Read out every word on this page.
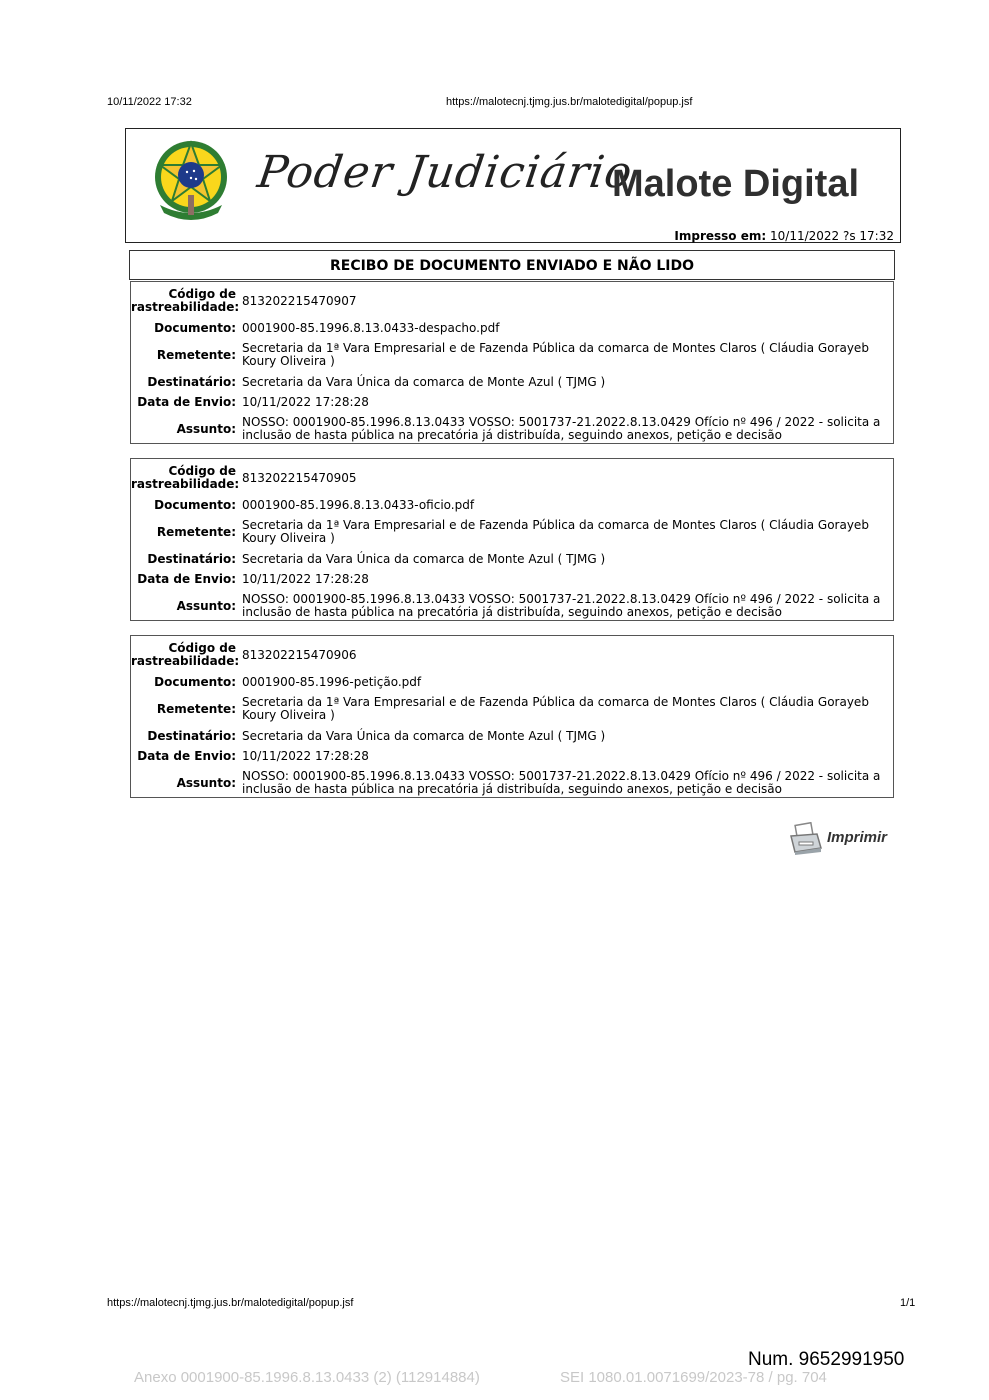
10/11/2022 17:32	https://malotecnj.tjmg.jus.br/malotedigital/popup.jsf
Poder Judiciário
Malote Digital
Impresso em: 10/11/2022 ?s 17:32
RECIBO DE DOCUMENTO ENVIADO E NÃO LIDO
Código de
rastreabilidade: 813202215470907
Documento: 0001900-85.1996.8.13.0433-despacho.pdf
Remetente: Secretaria da 1ª Vara Empresarial e de Fazenda Pública da comarca de Montes Claros ( Cláudia Gorayeb Koury Oliveira )
Destinatário: Secretaria da Vara Única da comarca de Monte Azul ( TJMG )
Data de Envio: 10/11/2022 17:28:28
Assunto: NOSSO: 0001900-85.1996.8.13.0433 VOSSO: 5001737-21.2022.8.13.0429 Ofício nº 496 / 2022 - solicita a inclusão de hasta pública na precatória já distribuída, seguindo anexos, petição e decisão
Código de
rastreabilidade: 813202215470905
Documento: 0001900-85.1996.8.13.0433-oficio.pdf
Remetente: Secretaria da 1ª Vara Empresarial e de Fazenda Pública da comarca de Montes Claros ( Cláudia Gorayeb Koury Oliveira )
Destinatário: Secretaria da Vara Única da comarca de Monte Azul ( TJMG )
Data de Envio: 10/11/2022 17:28:28
Assunto: NOSSO: 0001900-85.1996.8.13.0433 VOSSO: 5001737-21.2022.8.13.0429 Ofício nº 496 / 2022 - solicita a inclusão de hasta pública na precatória já distribuída, seguindo anexos, petição e decisão
Código de
rastreabilidade: 813202215470906
Documento: 0001900-85.1996-petição.pdf
Remetente: Secretaria da 1ª Vara Empresarial e de Fazenda Pública da comarca de Montes Claros ( Cláudia Gorayeb Koury Oliveira )
Destinatário: Secretaria da Vara Única da comarca de Monte Azul ( TJMG )
Data de Envio: 10/11/2022 17:28:28
Assunto: NOSSO: 0001900-85.1996.8.13.0433 VOSSO: 5001737-21.2022.8.13.0429 Ofício nº 496 / 2022 - solicita a inclusão de hasta pública na precatória já distribuída, seguindo anexos, petição e decisão
Imprimir
https://malotecnj.tjmg.jus.br/malotedigital/popup.jsf	1/1
Num. 9652991950
Anexo 0001900-85.1996.8.13.0433 (2) (112914884)	SEI 1080.01.0071699/2023-78 / pg. 704
